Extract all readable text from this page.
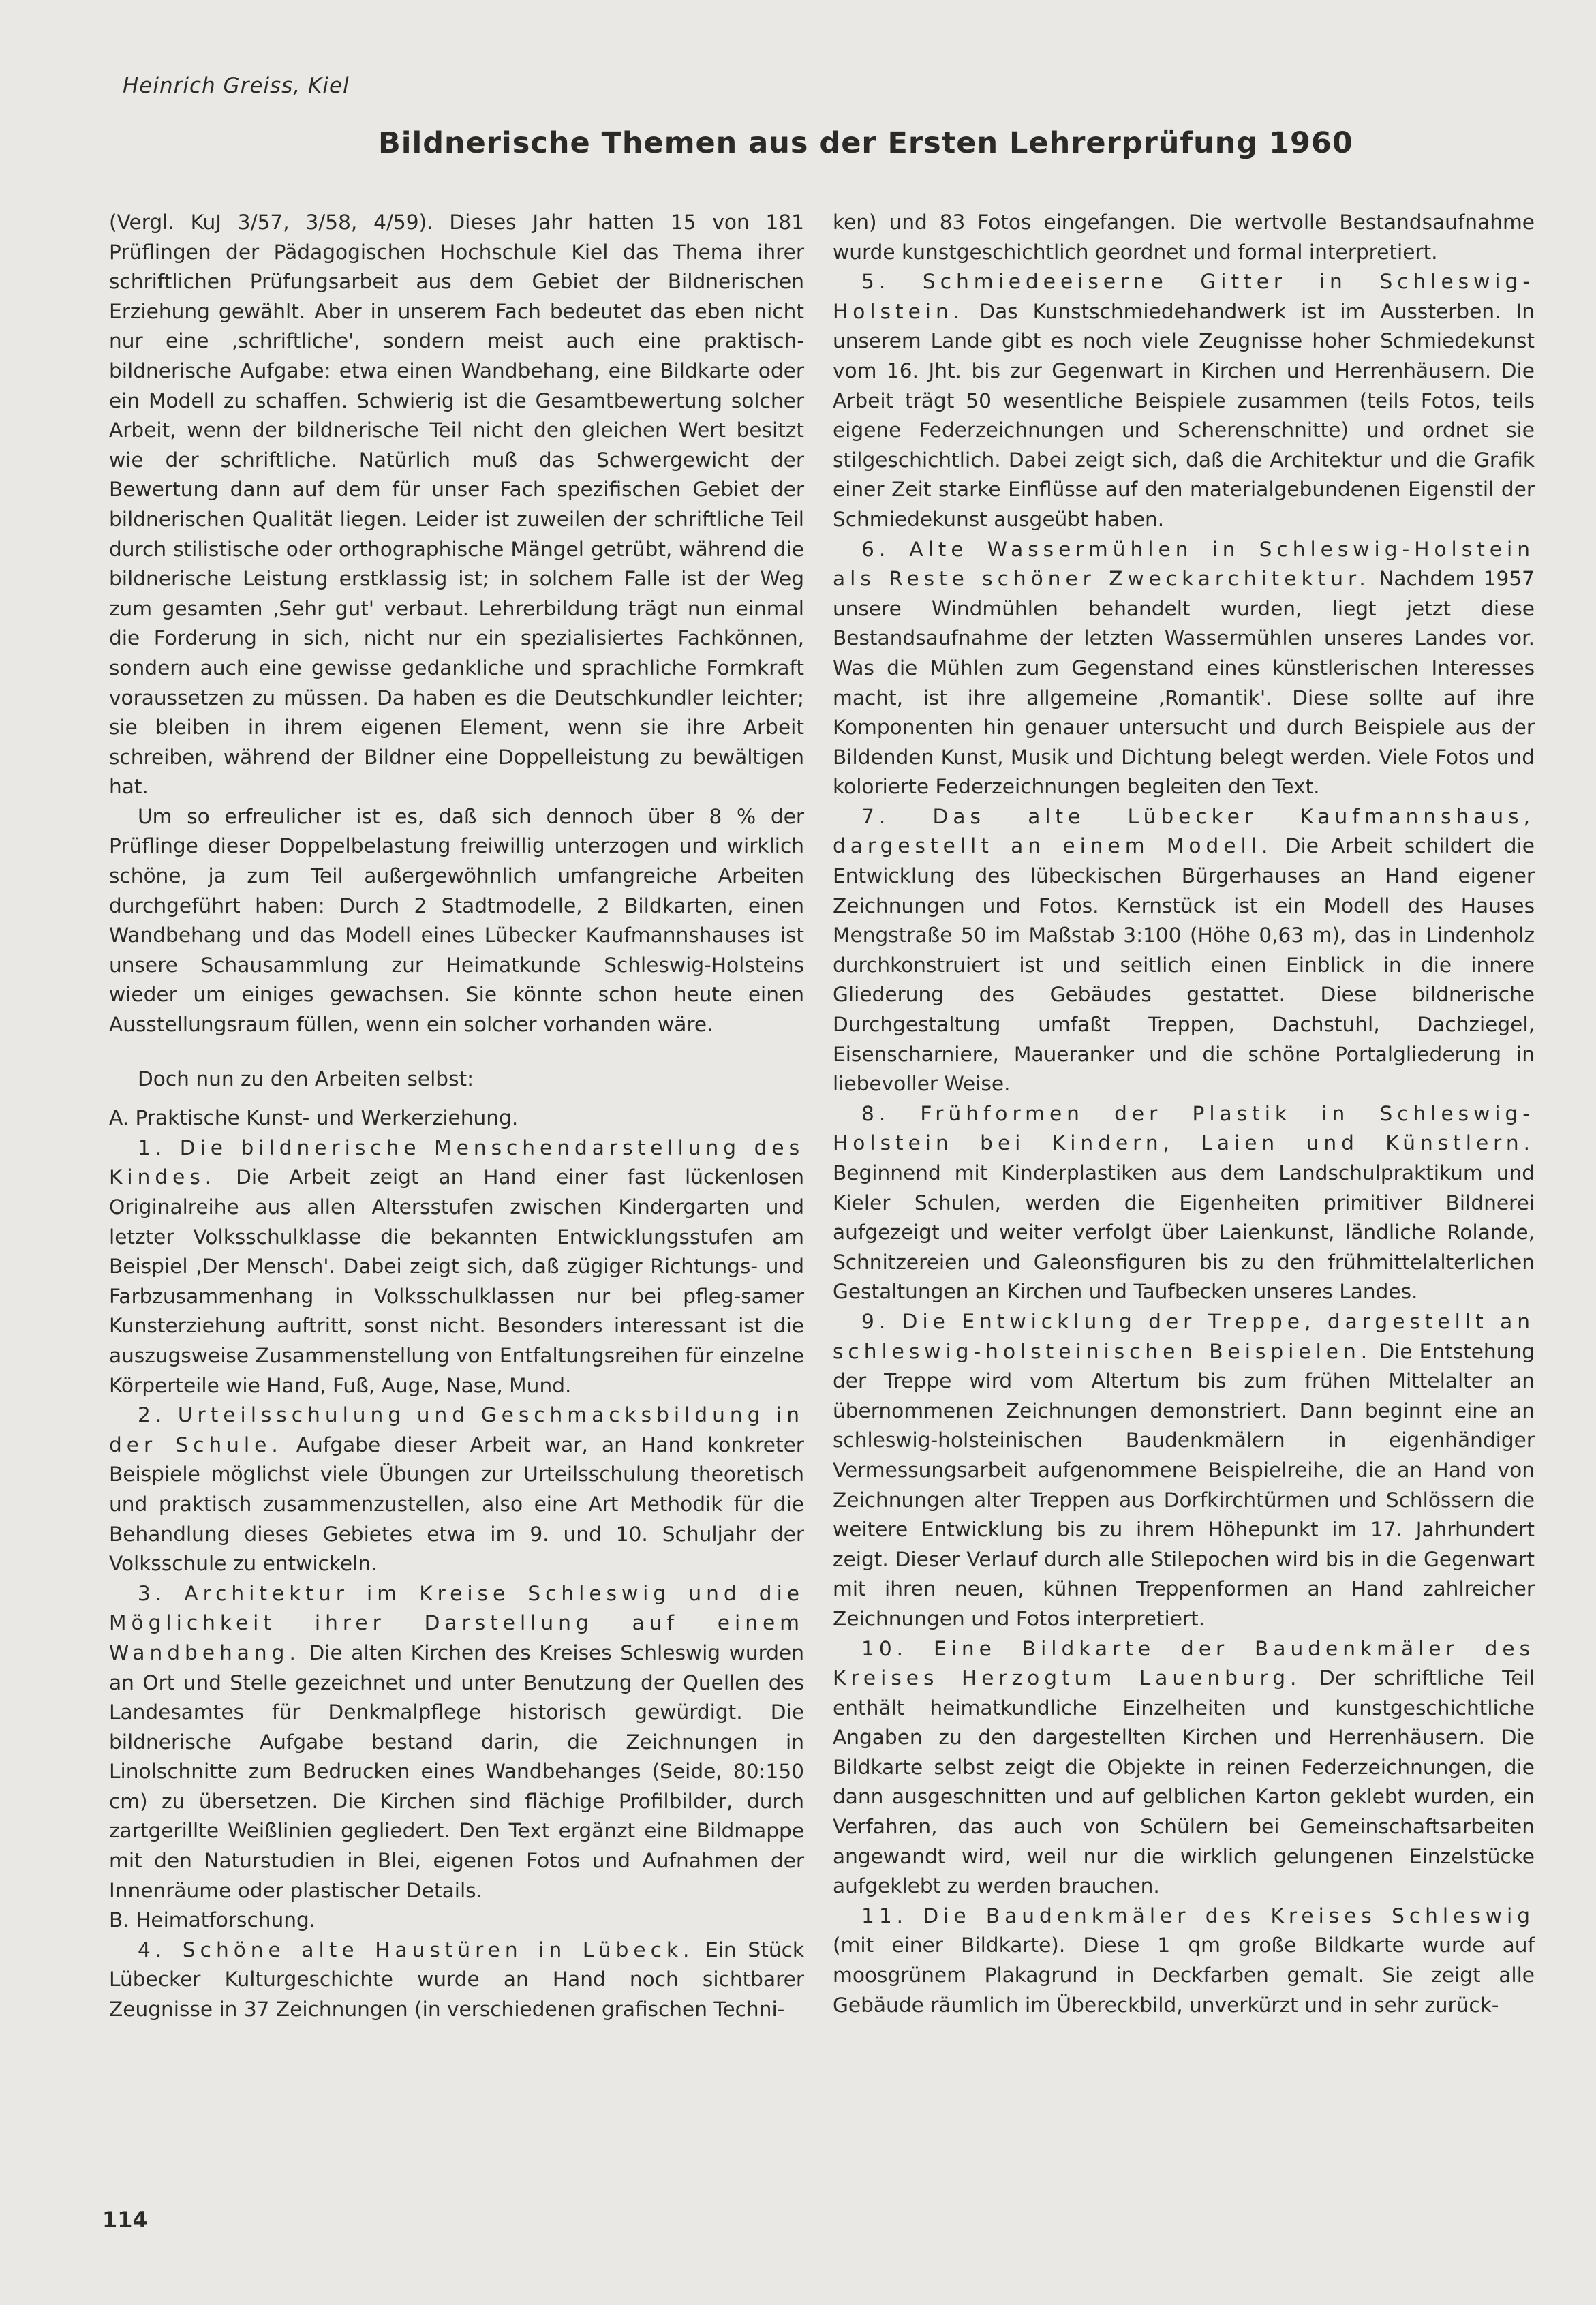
Heinrich Greiss, Kiel
Bildnerische Themen aus der Ersten Lehrerprüfung 1960

(Vergl. KuJ 3/57, 3/58, 4/59). Dieses Jahr hatten 15 von 181 Prüflingen der Pädagogischen Hochschule Kiel das Thema ihrer schriftlichen Prüfungsarbeit aus dem Gebiet der Bildnerischen Erziehung gewählt. Aber in unserem Fach bedeutet das eben nicht nur eine ‚schriftliche', sondern meist auch eine praktisch-bildnerische Aufgabe: etwa einen Wandbehang, eine Bildkarte oder ein Modell zu schaffen. Schwierig ist die Gesamtbewertung solcher Arbeit, wenn der bildnerische Teil nicht den gleichen Wert besitzt wie der schriftliche. Natürlich muß das Schwergewicht der Bewertung dann auf dem für unser Fach spezifischen Gebiet der bildnerischen Qualität liegen. Leider ist zuweilen der schriftliche Teil durch stilistische oder orthographische Mängel getrübt, während die bildnerische Leistung erstklassig ist; in solchem Falle ist der Weg zum gesamten ‚Sehr gut' verbaut. Lehrerbildung trägt nun einmal die Forderung in sich, nicht nur ein spezialisiertes Fachkönnen, sondern auch eine gewisse gedankliche und sprachliche Formkraft voraussetzen zu müssen. Da haben es die Deutschkundler leichter; sie bleiben in ihrem eigenen Element, wenn sie ihre Arbeit schreiben, während der Bildner eine Doppelleistung zu bewältigen hat.

Um so erfreulicher ist es, daß sich dennoch über 8 % der Prüflinge dieser Doppelbelastung freiwillig unterzogen und wirklich schöne, ja zum Teil außergewöhnlich umfangreiche Arbeiten durchgeführt haben: Durch 2 Stadtmodelle, 2 Bildkarten, einen Wandbehang und das Modell eines Lübecker Kaufmannshauses ist unsere Schausammlung zur Heimatkunde Schleswig-Holsteins wieder um einiges gewachsen. Sie könnte schon heute einen Ausstellungsraum füllen, wenn ein solcher vorhanden wäre.

Doch nun zu den Arbeiten selbst:

A. Praktische Kunst- und Werkerziehung.

1. Die bildnerische Menschendarstellung des Kindes. Die Arbeit zeigt an Hand einer fast lückenlosen Originalreihe aus allen Altersstufen zwischen Kindergarten und letzter Volksschulklasse die bekannten Entwicklungsstufen am Beispiel ‚Der Mensch'. Dabei zeigt sich, daß zügiger Richtungs- und Farbzusammenhang in Volksschulklassen nur bei pfleg-samer Kunsterziehung auftritt, sonst nicht. Besonders interessant ist die auszugsweise Zusammenstellung von Entfaltungsreihen für einzelne Körperteile wie Hand, Fuß, Auge, Nase, Mund.

2. Urteilsschulung und Geschmacksbildung in der Schule. Aufgabe dieser Arbeit war, an Hand konkreter Beispiele möglichst viele Übungen zur Urteilsschulung theoretisch und praktisch zusammenzustellen, also eine Art Methodik für die Behandlung dieses Gebietes etwa im 9. und 10. Schuljahr der Volksschule zu entwickeln.

3. Architektur im Kreise Schleswig und die Möglichkeit ihrer Darstellung auf einem Wandbehang. Die alten Kirchen des Kreises Schleswig wurden an Ort und Stelle gezeichnet und unter Benutzung der Quellen des Landesamtes für Denkmalpflege historisch gewürdigt. Die bildnerische Aufgabe bestand darin, die Zeichnungen in Linolschnitte zum Bedrucken eines Wandbehanges (Seide, 80:150 cm) zu übersetzen. Die Kirchen sind flächige Profilbilder, durch zartgerillte Weißlinien gegliedert. Den Text ergänzt eine Bildmappe mit den Naturstudien in Blei, eigenen Fotos und Aufnahmen der Innenräume oder plastischer Details.

B. Heimatforschung.

4. Schöne alte Haustüren in Lübeck. Ein Stück Lübecker Kulturgeschichte wurde an Hand noch sichtbarer Zeugnisse in 37 Zeichnungen (in verschiedenen grafischen Techni-

ken) und 83 Fotos eingefangen. Die wertvolle Bestandsaufnahme wurde kunstgeschichtlich geordnet und formal interpretiert.

5. Schmiedeeiserne Gitter in Schleswig-Holstein. Das Kunstschmiedehandwerk ist im Aussterben. In unserem Lande gibt es noch viele Zeugnisse hoher Schmiedekunst vom 16. Jht. bis zur Gegenwart in Kirchen und Herrenhäusern. Die Arbeit trägt 50 wesentliche Beispiele zusammen (teils Fotos, teils eigene Federzeichnungen und Scherenschnitte) und ordnet sie stilgeschichtlich. Dabei zeigt sich, daß die Architektur und die Grafik einer Zeit starke Einflüsse auf den materialgebundenen Eigenstil der Schmiedekunst ausgeübt haben.

6. Alte Wassermühlen in Schleswig-Holstein als Reste schöner Zweckarchitektur. Nachdem 1957 unsere Windmühlen behandelt wurden, liegt jetzt diese Bestandsaufnahme der letzten Wassermühlen unseres Landes vor. Was die Mühlen zum Gegenstand eines künstlerischen Interesses macht, ist ihre allgemeine ‚Romantik'. Diese sollte auf ihre Komponenten hin genauer untersucht und durch Beispiele aus der Bildenden Kunst, Musik und Dichtung belegt werden. Viele Fotos und kolorierte Federzeichnungen begleiten den Text.

7. Das alte Lübecker Kaufmannshaus, dargestellt an einem Modell. Die Arbeit schildert die Entwicklung des lübeckischen Bürgerhauses an Hand eigener Zeichnungen und Fotos. Kernstück ist ein Modell des Hauses Mengstraße 50 im Maßstab 3:100 (Höhe 0,63 m), das in Lindenholz durchkonstruiert ist und seitlich einen Einblick in die innere Gliederung des Gebäudes gestattet. Diese bildnerische Durchgestaltung umfaßt Treppen, Dachstuhl, Dachziegel, Eisenscharniere, Maueranker und die schöne Portalgliederung in liebevoller Weise.

8. Frühformen der Plastik in Schleswig-Holstein bei Kindern, Laien und Künstlern. Beginnend mit Kinderplastiken aus dem Landschulpraktikum und Kieler Schulen, werden die Eigenheiten primitiver Bildnerei aufgezeigt und weiter verfolgt über Laienkunst, ländliche Rolande, Schnitzereien und Galeonsfiguren bis zu den frühmittelalterlichen Gestaltungen an Kirchen und Taufbecken unseres Landes.

9. Die Entwicklung der Treppe, dargestellt an schleswig-holsteinischen Beispielen. Die Entstehung der Treppe wird vom Altertum bis zum frühen Mittelalter an übernommenen Zeichnungen demonstriert. Dann beginnt eine an schleswig-holsteinischen Baudenkmälern in eigenhändiger Vermessungsarbeit aufgenommene Beispielreihe, die an Hand von Zeichnungen alter Treppen aus Dorfkirchtürmen und Schlössern die weitere Entwicklung bis zu ihrem Höhepunkt im 17. Jahrhundert zeigt. Dieser Verlauf durch alle Stilepochen wird bis in die Gegenwart mit ihren neuen, kühnen Treppenformen an Hand zahlreicher Zeichnungen und Fotos interpretiert.

10. Eine Bildkarte der Baudenkmäler des Kreises Herzogtum Lauenburg. Der schriftliche Teil enthält heimatkundliche Einzelheiten und kunstgeschichtliche Angaben zu den dargestellten Kirchen und Herrenhäusern. Die Bildkarte selbst zeigt die Objekte in reinen Federzeichnungen, die dann ausgeschnitten und auf gelblichen Karton geklebt wurden, ein Verfahren, das auch von Schülern bei Gemeinschaftsarbeiten angewandt wird, weil nur die wirklich gelungenen Einzelstücke aufgeklebt zu werden brauchen.

11. Die Baudenkmäler des Kreises Schleswig (mit einer Bildkarte). Diese 1 qm große Bildkarte wurde auf moosgrünem Plakagrund in Deckfarben gemalt. Sie zeigt alle Gebäude räumlich im Übereckbild, unverkürzt und in sehr zurück-

114
